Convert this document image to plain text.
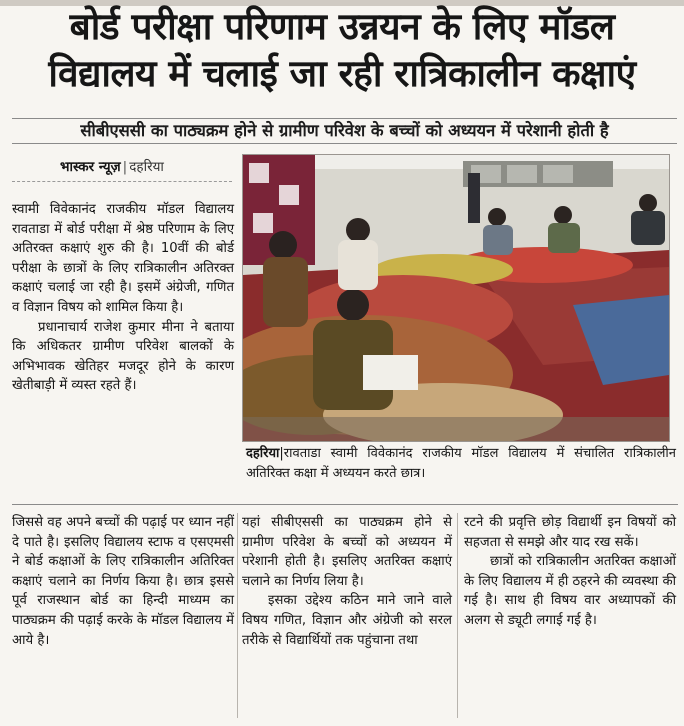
बोर्ड परीक्षा परिणाम उन्नयन के लिए मॉडल
विद्यालय में चलाई जा रही रात्रिकालीन कक्षाएं
सीबीएससी का पाठ्यक्रम होने से ग्रामीण परिवेश के बच्चों को अध्ययन में परेशानी होती है
भास्कर न्यूज़ | दहरिया

स्वामी विवेकानंद राजकीय मॉडल विद्यालय रावताडा में बोर्ड परीक्षा में श्रेष्ठ परिणाम के लिए अतिरक्त कक्षाएं शुरु की है। 10वीं की बोर्ड परीक्षा के छात्रों के लिए रात्रिकालीन अतिरक्त कक्षाएं चलाई जा रही है। इसमें अंग्रेजी, गणित व विज्ञान विषय को शामिल किया है।

प्रधानाचार्य राजेश कुमार मीना ने बताया कि अधिकतर ग्रामीण परिवेश बालकों के अभिभावक खेतिहर मजदूर होने के कारण खेतीबाड़ी में व्यस्त रहते हैं।

दहरिया|रावताडा स्वामी विवेकानंद राजकीय मॉडल विद्यालय में संचालित रात्रिकालीन अतिरिक्त कक्षा में अध्ययन करते छात्र।

जिससे वह अपने बच्चों की पढ़ाई पर ध्यान नहीं दे पाते है। इसलिए विद्यालय स्टाफ व एसएमसी ने बोर्ड कक्षाओं के लिए रात्रिकालीन अतिरिक्त कक्षाएं चलाने का निर्णय किया है। छात्र इससे पूर्व राजस्थान बोर्ड का हिन्दी माध्यम का पाठ्यक्रम की पढ़ाई करके के मॉडल विद्यालय में आये है।

यहां सीबीएससी का पाठ्यक्रम होने से ग्रामीण परिवेश के बच्चों को अध्ययन में परेशानी होती है। इसलिए अतरिक्त कक्षाएं चलाने का निर्णय लिया है।

इसका उद्देश्य कठिन माने जाने वाले विषय गणित, विज्ञान और अंग्रेजी को सरल तरीके से विद्यार्थियों तक पहुंचाना तथा

रटने की प्रवृत्ति छोड़ विद्यार्थी इन विषयों को सहजता से समझे और याद रख सकें।

छात्रों को रात्रिकालीन अतरिक्त कक्षाओं के लिए विद्यालय में ही ठहरने की व्यवस्था की गई है। साथ ही विषय वार अध्यापकों की अलग से ड्यूटी लगाई गई है।
